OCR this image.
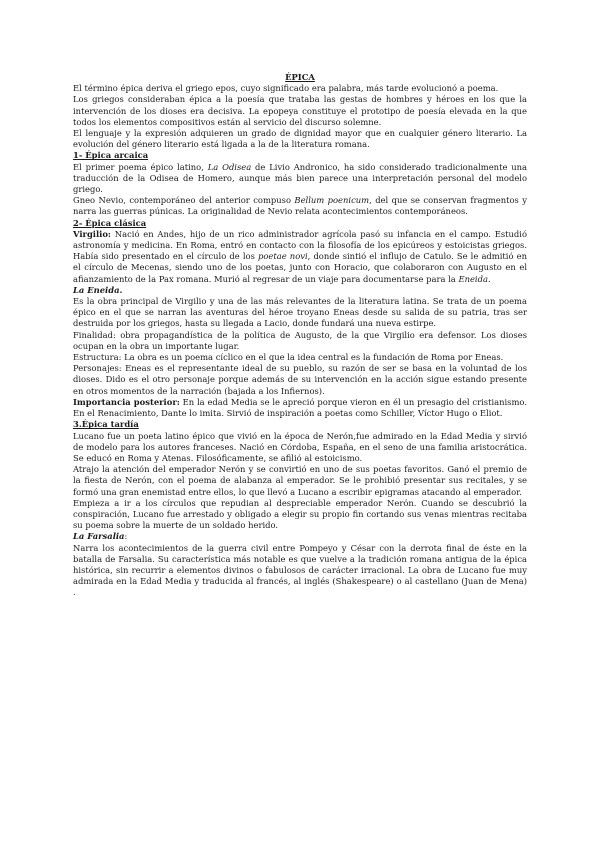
ÉPICA

El término épica deriva el griego epos, cuyo significado era palabra, más tarde evolucionó a poema.

Los griegos consideraban épica a la poesía que trataba las gestas de hombres y héroes en los que la intervención de los dioses era decisiva. La epopeya constituye el prototipo de poesía elevada en la que todos los elementos compositivos están al servicio del discurso solemne.

El lenguaje y la expresión adquieren un grado de dignidad mayor que en cualquier género literario. La evolución del género literario está ligada a la de la literatura romana.

1- Épica arcaica

El primer poema épico latino, La Odisea de Livio Andronico, ha sido considerado tradicionalmente una traducción de la Odisea de Homero, aunque más bien parece una interpretación personal del modelo griego.

Gneo Nevio, contemporáneo del anterior compuso Bellum poenicum, del que se conservan fragmentos y narra las guerras púnicas. La originalidad de Nevio relata acontecimientos contemporáneos.

2- Épica clásica

Virgilio: Nació en Andes, hijo de un rico administrador agrícola pasó su infancia en el campo. Estudió astronomía y medicina. En Roma, entró en contacto con la filosofía de los epicúreos y estoicistas griegos. Había sido presentado en el círculo de los poetae novi, donde sintió el influjo de Catulo. Se le admitió en el círculo de Mecenas, siendo uno de los poetas, junto con Horacio, que colaboraron con Augusto en el afianzamiento de la Pax romana. Murió al regresar de un viaje para documentarse para la Eneida.

La Eneida.

Es la obra principal de Virgilio y una de las más relevantes de la literatura latina. Se trata de un poema épico en el que se narran las aventuras del héroe troyano Eneas desde su salida de su patria, tras ser destruida por los griegos, hasta su llegada a Lacio, donde fundará una nueva estirpe.

Finalidad: obra propagandística de la política de Augusto, de la que Virgilio era defensor. Los dioses ocupan en la obra un importante lugar.

Estructura: La obra es un poema cíclico en el que la idea central es la fundación de Roma por Eneas.

Personajes: Eneas es el representante ideal de su pueblo, su razón de ser se basa en la voluntad de los dioses. Dido es el otro personaje porque además de su intervención en la acción sigue estando presente en otros momentos de la narración (bajada a los Infiernos).

Importancia posterior: En la edad Media se le apreció porque vieron en él un presagio del cristianismo. En el Renacimiento, Dante lo imita. Sirvió de inspiración a poetas como Schiller, Víctor Hugo o Eliot.

3.Épica tardía

Lucano fue un poeta latino épico que vivió en la época de Nerón,fue admirado en la Edad Media y sirvió de modelo para los autores franceses. Nació en Córdoba, España, en el seno de una familia aristocrática. Se educó en Roma y Atenas. Filosóficamente, se afilió al estoicismo.

Atrajo la atención del emperador Nerón y se convirtió en uno de sus poetas favoritos. Ganó el premio de la fiesta de Nerón, con el poema de alabanza al emperador. Se le prohibió presentar sus recitales, y se formó una gran enemistad entre ellos, lo que llevó a Lucano a escribir epigramas atacando al emperador.

Empieza a ir a los círculos que repudian al despreciable emperador Nerón. Cuando se descubrió la conspiración, Lucano fue arrestado y obligado a elegir su propio fin cortando sus venas mientras recitaba su poema sobre la muerte de un soldado herido.

La Farsalia:

Narra los acontecimientos de la guerra civil entre Pompeyo y César con la derrota final de éste en la batalla de Farsalia. Su característica más notable es que vuelve a la tradición romana antigua de la épica histórica, sin recurrir a elementos divinos o fabulosos de carácter irracional. La obra de Lucano fue muy admirada en la Edad Media y traducida al francés, al inglés (Shakespeare) o al castellano (Juan de Mena) .
